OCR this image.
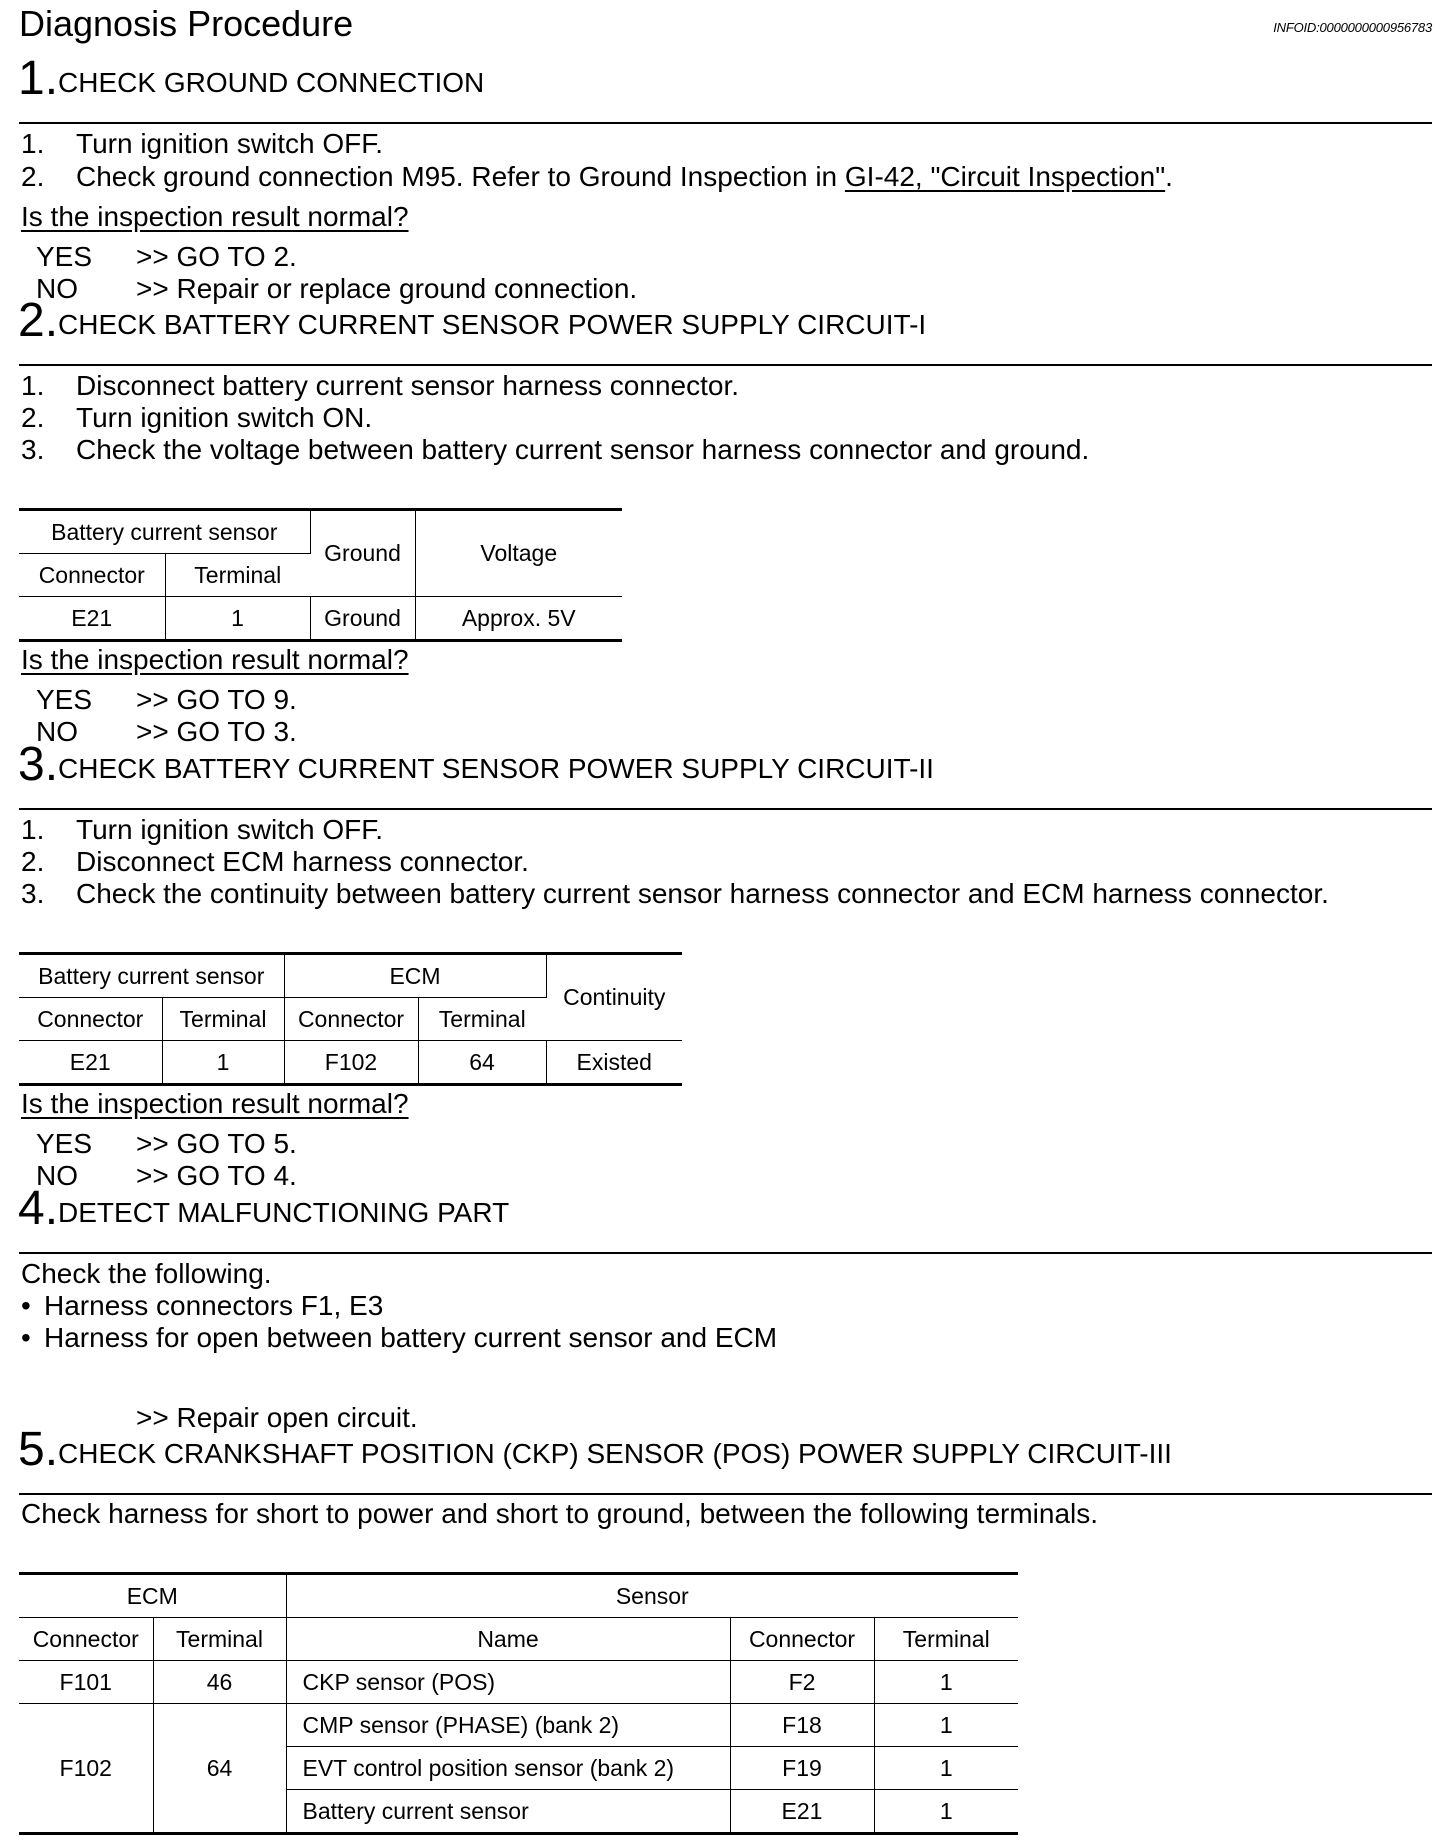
Diagnosis Procedure	INFOID:0000000000956783
1.CHECK GROUND CONNECTION
1. Turn ignition switch OFF.
2. Check ground connection M95. Refer to Ground Inspection in GI-42, "Circuit Inspection".
Is the inspection result normal?
YES >> GO TO 2.
NO >> Repair or replace ground connection.
2.CHECK BATTERY CURRENT SENSOR POWER SUPPLY CIRCUIT-I
1. Disconnect battery current sensor harness connector.
2. Turn ignition switch ON.
3. Check the voltage between battery current sensor harness connector and ground.
Battery current sensor		Ground	Voltage
Connector	Terminal		
E21	1	Ground	Approx. 5V
Is the inspection result normal?
YES >> GO TO 9.
NO >> GO TO 3.
3.CHECK BATTERY CURRENT SENSOR POWER SUPPLY CIRCUIT-II
1. Turn ignition switch OFF.
2. Disconnect ECM harness connector.
3. Check the continuity between battery current sensor harness connector and ECM harness connector.
Battery current sensor		ECM		Continuity
Connector	Terminal	Connector	Terminal	
E21	1	F102	64	Existed
Is the inspection result normal?
YES >> GO TO 5.
NO >> GO TO 4.
4.DETECT MALFUNCTIONING PART
Check the following.
• Harness connectors F1, E3
• Harness for open between battery current sensor and ECM
>> Repair open circuit.
5.CHECK CRANKSHAFT POSITION (CKP) SENSOR (POS) POWER SUPPLY CIRCUIT-III
Check harness for short to power and short to ground, between the following terminals.
ECM		Sensor		
Connector	Terminal	Name	Connector	Terminal
F101	46	CKP sensor (POS)	F2	1
F102	64	CMP sensor (PHASE) (bank 2)	F18	1
		EVT control position sensor (bank 2)	F19	1
		Battery current sensor	E21	1
